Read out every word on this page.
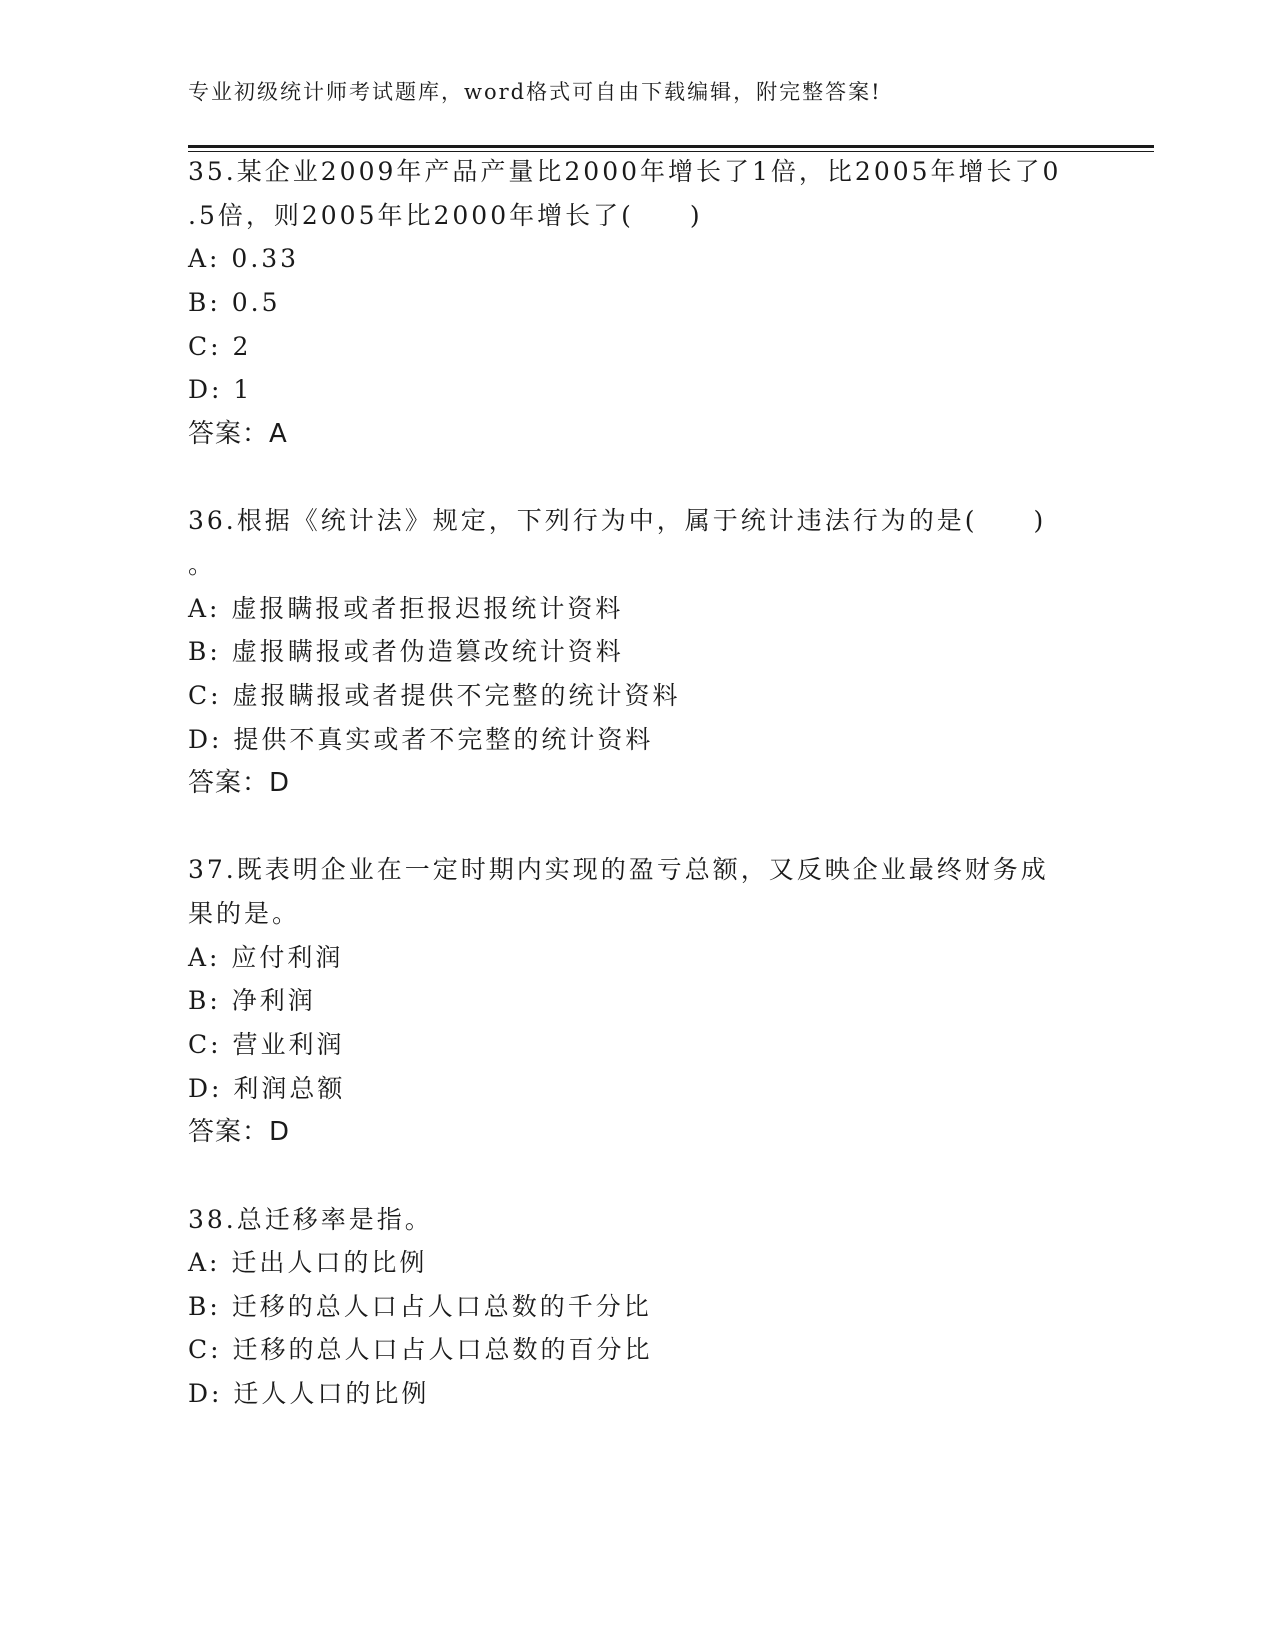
专业初级统计师考试题库，word格式可自由下载编辑，附完整答案!
35.某企业2009年产品产量比2000年增长了1倍，比2005年增长了0
.5倍，则2005年比2000年增长了(　　)
A: 0.33
B: 0.5
C: 2
D: 1
答案：A
36.根据《统计法》规定，下列行为中，属于统计违法行为的是(　　)
。
A: 虚报瞒报或者拒报迟报统计资料
B: 虚报瞒报或者伪造篡改统计资料
C: 虚报瞒报或者提供不完整的统计资料
D: 提供不真实或者不完整的统计资料
答案：D
37.既表明企业在一定时期内实现的盈亏总额，又反映企业最终财务成
果的是。
A: 应付利润
B: 净利润
C: 营业利润
D: 利润总额
答案：D
38.总迁移率是指。
A: 迁出人口的比例
B: 迁移的总人口占人口总数的千分比
C: 迁移的总人口占人口总数的百分比
D: 迁人人口的比例
